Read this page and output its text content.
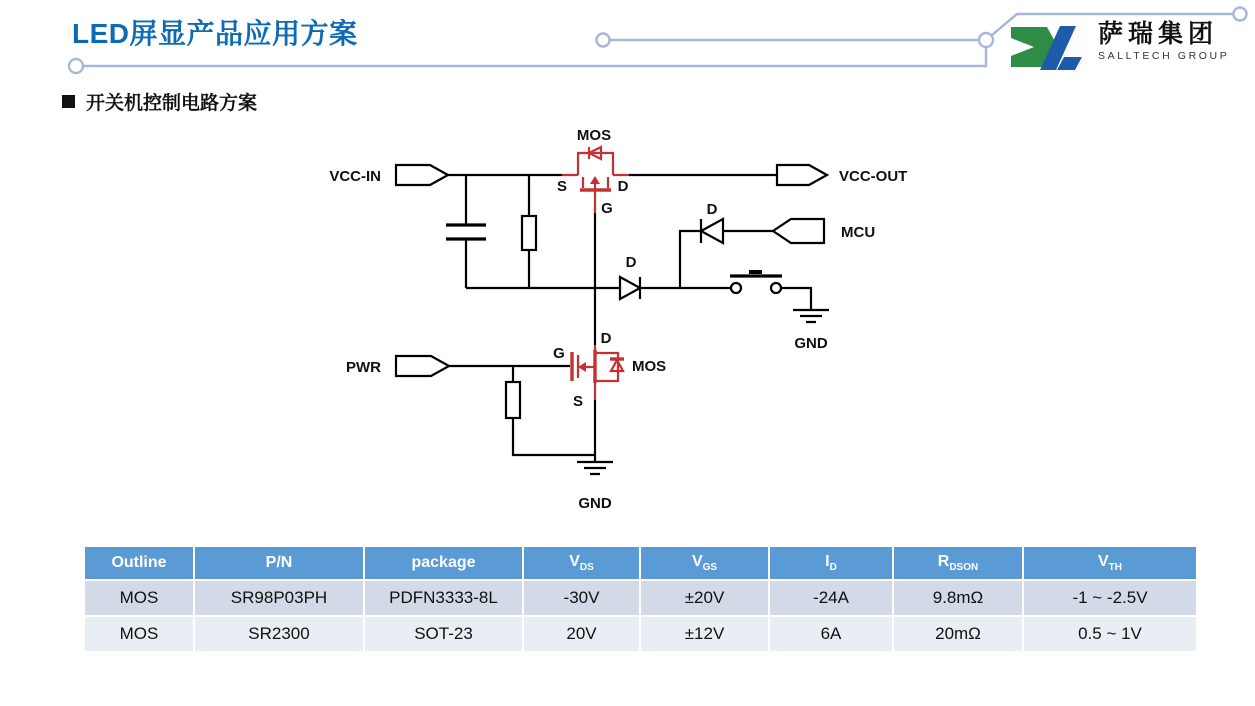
LED屏显产品应用方案	萨瑞集团
SALLTECH GROUP
开关机控制电路方案
VCC-IN	VCC-OUT
MCU
PWR
MOS
S	D
G
D
D
GND
MOS
D
G
S
GND
Outline	P/N	package	$V_{DS}$	$V_{GS}$	$I_D$	$R_{DSON}$	$V_{TH}$
MOS	SR98P03PH	PDFN3333-8L	-30V	±20V	-24A	9.8mΩ	-1 ~ -2.5V
MOS	SR2300	SOT-23	20V	±12V	6A	20mΩ	0.5 ~ 1V
